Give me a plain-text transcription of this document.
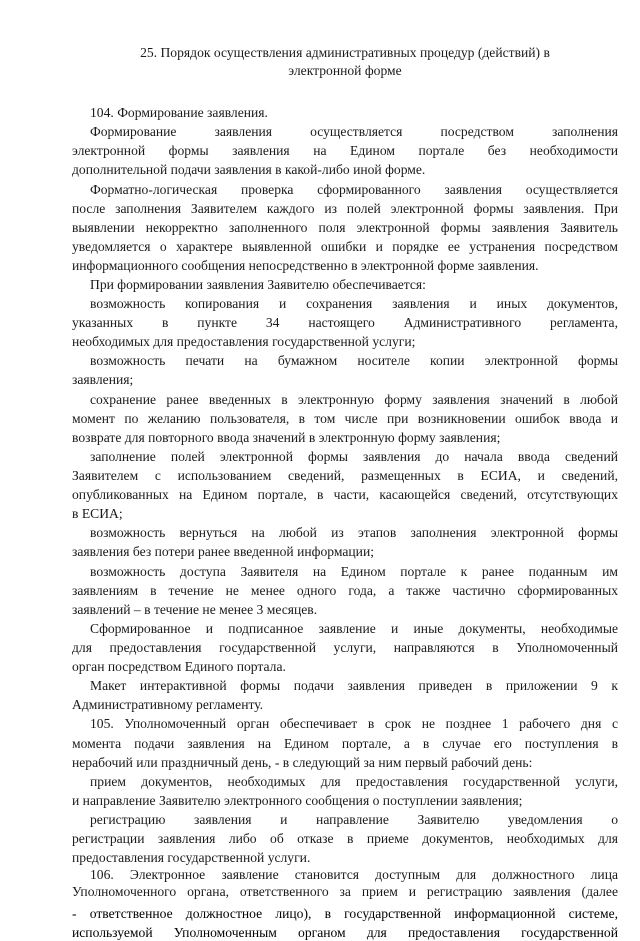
25. Порядок осуществления административных процедур (действий) в
электронной форме
104. Формирование заявления.
Формирование заявления осуществляется посредством заполнения
электронной формы заявления на Едином портале без необходимости
дополнительной подачи заявления в какой-либо иной форме.
Форматно-логическая проверка сформированного заявления осуществляется
после заполнения Заявителем каждого из полей электронной формы заявления. При
выявлении некорректно заполненного поля электронной формы заявления Заявитель
уведомляется о характере выявленной ошибки и порядке ее устранения посредством
информационного сообщения непосредственно в электронной форме заявления.
При формировании заявления Заявителю обеспечивается:
возможность копирования и сохранения заявления и иных документов,
указанных в пункте 34 настоящего Административного регламента,
необходимых для предоставления государственной услуги;
возможность печати на бумажном носителе копии электронной формы
заявления;
сохранение ранее введенных в электронную форму заявления значений в любой
момент по желанию пользователя, в том числе при возникновении ошибок ввода и
возврате для повторного ввода значений в электронную форму заявления;
заполнение полей электронной формы заявления до начала ввода сведений
Заявителем с использованием сведений, размещенных в ЕСИА, и сведений,
опубликованных на Едином портале, в части, касающейся сведений, отсутствующих
в ЕСИА;
возможность вернуться на любой из этапов заполнения электронной формы
заявления без потери ранее введенной информации;
возможность доступа Заявителя на Едином портале к ранее поданным им
заявлениям в течение не менее одного года, а также частично сформированных
заявлений – в течение не менее 3 месяцев.
Сформированное и подписанное заявление и иные документы, необходимые
для предоставления государственной услуги, направляются в Уполномоченный
орган посредством Единого портала.
Макет интерактивной формы подачи заявления приведен в приложении 9 к
Административному регламенту.
105. Уполномоченный орган обеспечивает в срок не позднее 1 рабочего дня с
момента подачи заявления на Едином портале, а в случае его поступления в
нерабочий или праздничный день, - в следующий за ним первый рабочий день:
прием документов, необходимых для предоставления государственной услуги,
и направление Заявителю электронного сообщения о поступлении заявления;
регистрацию заявления и направление Заявителю уведомления о
регистрации заявления либо об отказе в приеме документов, необходимых для
предоставления государственной услуги.
106. Электронное заявление становится доступным для должностного лица
Уполномоченного органа, ответственного за прием и регистрацию заявления (далее
- ответственное должностное лицо), в государственной информационной системе,
используемой Уполномоченным органом для предоставления государственной
